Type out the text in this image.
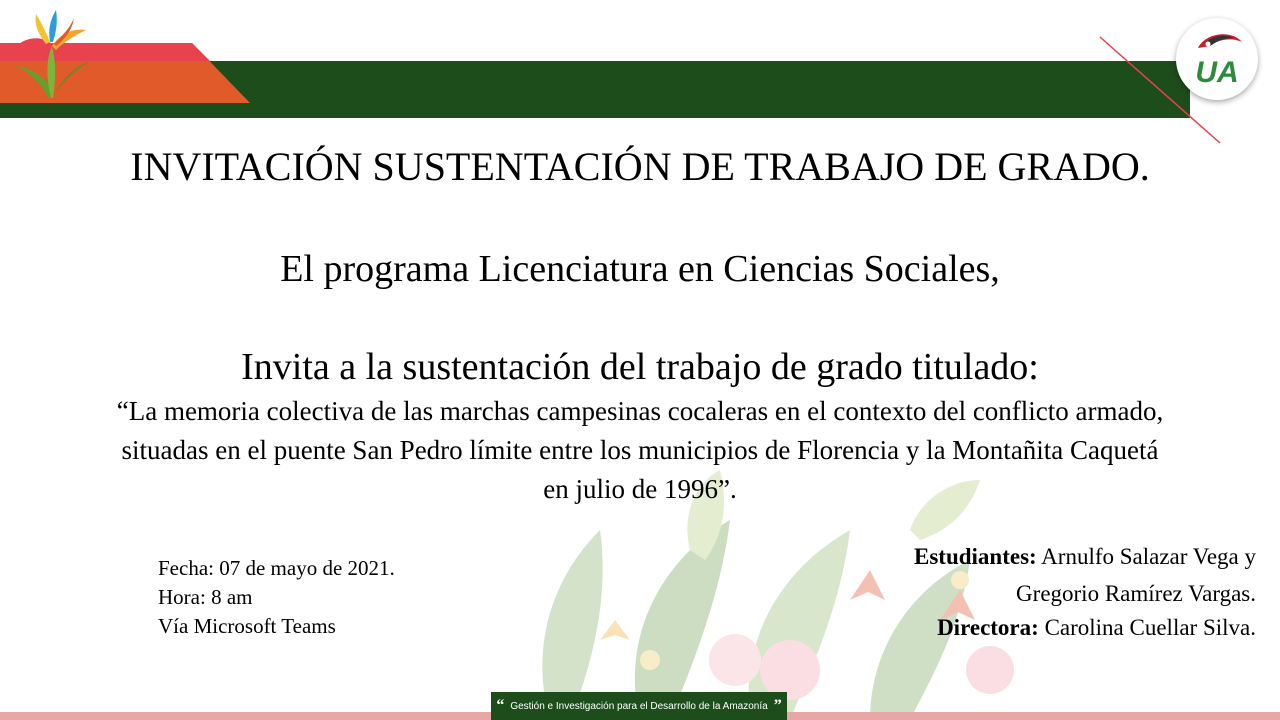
UA
INVITACIÓN SUSTENTACIÓN DE TRABAJO DE GRADO.
El programa Licenciatura en Ciencias Sociales,
Invita a la sustentación del trabajo de grado titulado:
“La memoria colectiva de las marchas campesinas cocaleras en el contexto del conflicto armado,
situadas en el puente San Pedro límite entre los municipios de Florencia y la Montañita Caquetá
en julio de 1996”.
Fecha: 07 de mayo de 2021.
Hora: 8 am
Vía Microsoft Teams
Estudiantes: Arnulfo Salazar Vega y
Gregorio Ramírez Vargas.
Directora: Carolina Cuellar Silva.
“ Gestión e Investigación para el Desarrollo de la Amazonía ”
